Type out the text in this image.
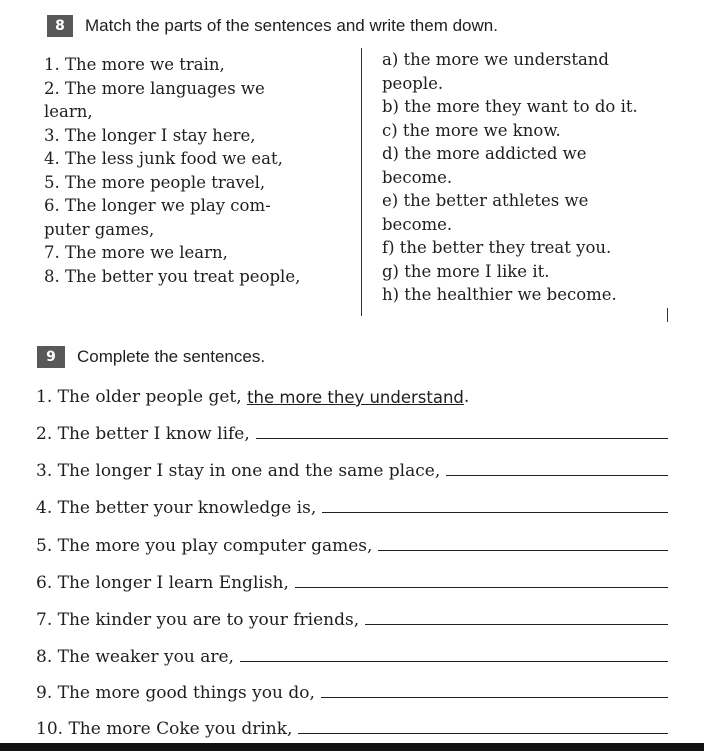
8	Match the parts of the sentences and write them down.
1. The more we train,
2. The more languages we
learn,
3. The longer I stay here,
4. The less junk food we eat,
5. The more people travel,
6. The longer we play com-
puter games,
7. The more we learn,
8. The better you treat people,
a) the more we understand
people.
b) the more they want to do it.
c) the more we know.
d) the more addicted we
become.
e) the better athletes we
become.
f) the better they treat you.
g) the more I like it.
h) the healthier we become.
9	Complete the sentences.
1. The older people get, the more they understand .
2. The better I know life,
3. The longer I stay in one and the same place,
4. The better your knowledge is,
5. The more you play computer games,
6. The longer I learn English,
7. The kinder you are to your friends,
8. The weaker you are,
9. The more good things you do,
10. The more Coke you drink,
